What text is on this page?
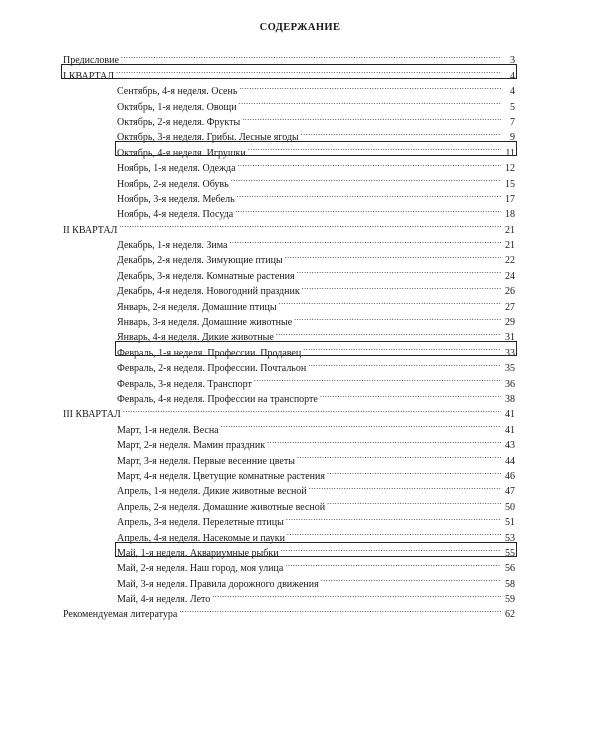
СОДЕРЖАНИЕ
Предисловие .....	3
I КВАРТАЛ .....	4
Сентябрь, 4-я неделя. Осень .....	4
Октябрь, 1-я неделя. Овощи .....	5
Октябрь, 2-я неделя. Фрукты .....	7
Октябрь, 3-я неделя. Грибы. Лесные ягоды .....	9
Октябрь, 4-я неделя. Игрушки .....	11
Ноябрь, 1-я неделя. Одежда .....	12
Ноябрь, 2-я неделя. Обувь .....	15
Ноябрь, 3-я неделя. Мебель .....	17
Ноябрь, 4-я неделя. Посуда .....	18
II КВАРТАЛ .....	21
Декабрь, 1-я неделя. Зима .....	21
Декабрь, 2-я неделя. Зимующие птицы .....	22
Декабрь, 3-я неделя. Комнатные растения .....	24
Декабрь, 4-я неделя. Новогодний праздник .....	26
Январь, 2-я неделя. Домашние птицы .....	27
Январь, 3-я неделя. Домашние животные .....	29
Январь, 4-я неделя. Дикие животные .....	31
Февраль, 1-я неделя. Профессии. Продавец .....	33
Февраль, 2-я неделя. Профессии. Почтальон .....	35
Февраль, 3-я неделя. Транспорт .....	36
Февраль, 4-я неделя. Профессии на транспорте .....	38
III КВАРТАЛ .....	41
Март, 1-я неделя. Весна .....	41
Март, 2-я неделя. Мамин праздник .....	43
Март, 3-я неделя. Первые весенние цветы .....	44
Март, 4-я неделя. Цветущие комнатные растения .....	46
Апрель, 1-я неделя. Дикие животные весной .....	47
Апрель, 2-я неделя. Домашние животные весной .....	50
Апрель, 3-я неделя. Перелетные птицы .....	51
Апрель, 4-я неделя. Насекомые и пауки .....	53
Май, 1-я неделя. Аквариумные рыбки .....	55
Май, 2-я неделя. Наш город, моя улица .....	56
Май, 3-я неделя. Правила дорожного движения .....	58
Май, 4-я неделя. Лето .....	59
Рекомендуемая литература .....	62
